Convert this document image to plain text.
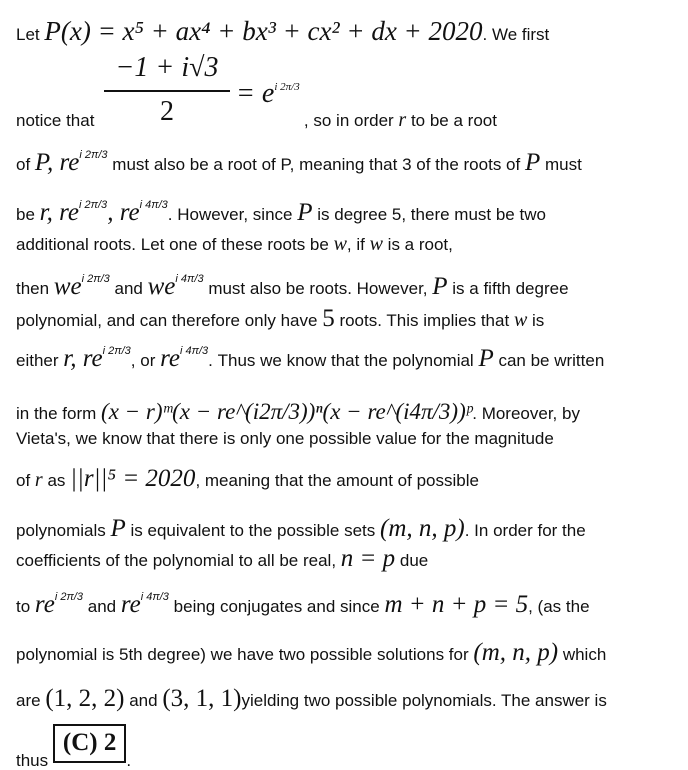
Let P(x) = x⁵ + ax⁴ + bx³ + cx² + dx + 2020. We first
$\frac{-1 + i√3}{2} = e^{i 2\pi/3}$
notice that	, so in order r to be a root
of P, $re^{i 2\pi/3}$ must also be a root of P, meaning that 3 of the roots of P must
be r, $re^{i 2\pi/3}$, $re^{i 4\pi/3}$. However, since P is degree 5, there must be two
additional roots. Let one of these roots be w, if w is a root,
then $we^{i 2\pi/3}$ and $we^{i 4\pi/3}$ must also be roots. However, P is a fifth degree
polynomial, and can therefore only have 5 roots. This implies that w is
either r, $re^{i 2\pi/3}$, or $re^{i 4\pi/3}$. Thus we know that the polynomial P can be written
in the form (x − r)ᵐ(x − re^(i2π/3))ⁿ(x − re^(i4π/3))ᵖ. Moreover, by
Vieta's, we know that there is only one possible value for the magnitude
of r as ||r||⁵ = 2020, meaning that the amount of possible
polynomials P is equivalent to the possible sets (m, n, p). In order for the
coefficients of the polynomial to all be real, n = p due
to $re^{i 2\pi/3}$ and $re^{i 4\pi/3}$ being conjugates and since m + n + p = 5, (as the
polynomial is 5th degree) we have two possible solutions for (m, n, p) which
are (1, 2, 2) and (3, 1, 1)yielding two possible polynomials. The answer is
thus (C) 2.
